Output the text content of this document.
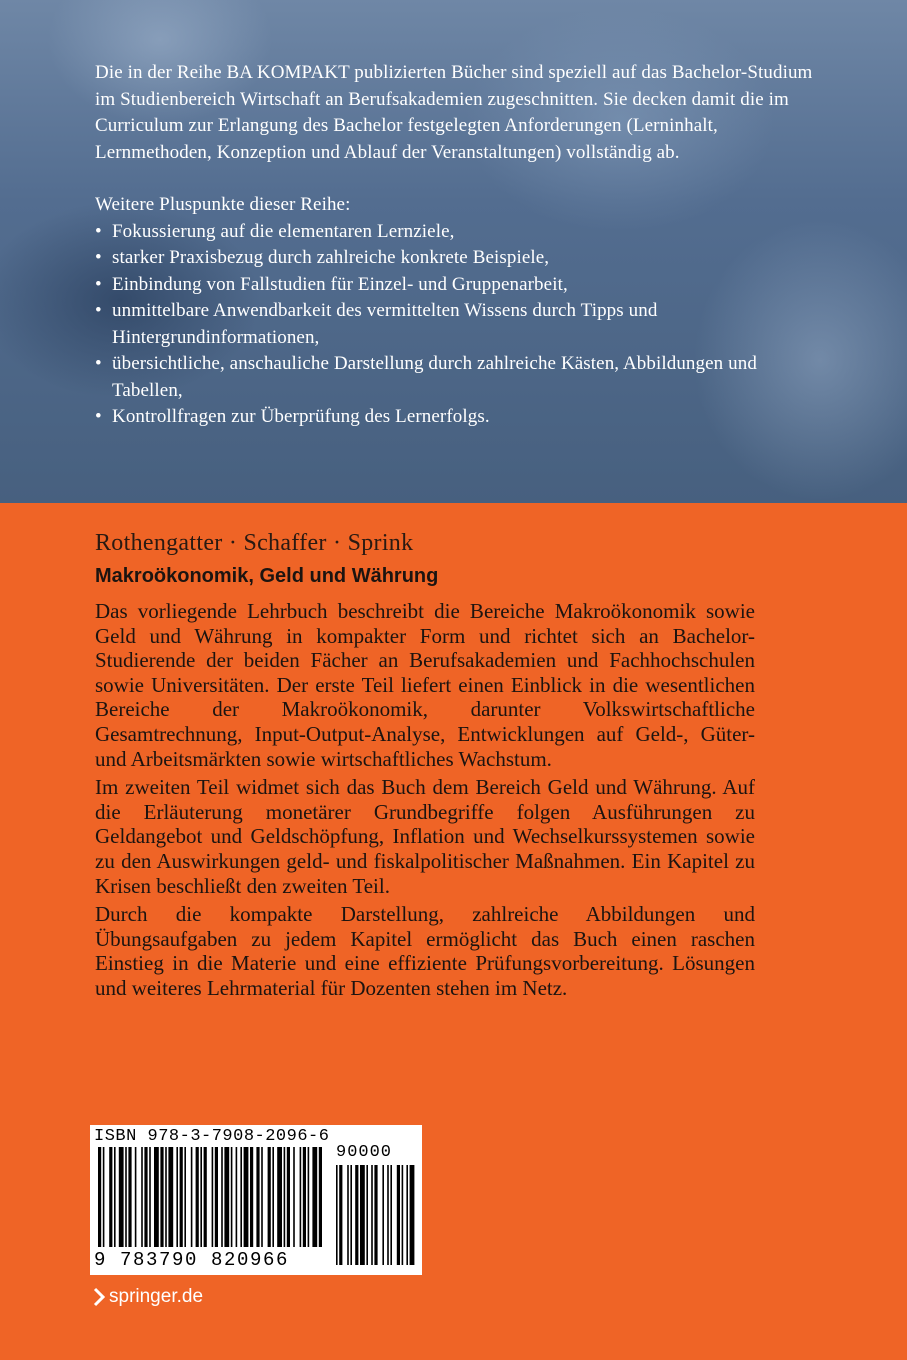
Die in der Reihe BA KOMPAKT publizierten Bücher sind speziell auf das Bachelor-Studium im Studienbereich Wirtschaft an Berufsakademien zugeschnitten. Sie decken damit die im Curriculum zur Erlangung des Bachelor festgelegten Anforderungen (Lerninhalt, Lernmethoden, Konzeption und Ablauf der Veranstaltungen) vollständig ab.

Weitere Pluspunkte dieser Reihe:

• Fokussierung auf die elementaren Lernziele,
• starker Praxisbezug durch zahlreiche konkrete Beispiele,
• Einbindung von Fallstudien für Einzel- und Gruppenarbeit,
• unmittelbare Anwendbarkeit des vermittelten Wissens durch Tipps und Hintergrundinformationen,
• übersichtliche, anschauliche Darstellung durch zahlreiche Kästen, Abbildungen und Tabellen,
• Kontrollfragen zur Überprüfung des Lernerfolgs.
Rothengatter · Schaffer · Sprink
Makroökonomik, Geld und Währung

Das vorliegende Lehrbuch beschreibt die Bereiche Makroökonomik sowie Geld und Währung in kompakter Form und richtet sich an Bachelor-Studierende der beiden Fächer an Berufsakademien und Fachhochschulen sowie Universitäten. Der erste Teil liefert einen Einblick in die wesentlichen Bereiche der Makroökonomik, darunter Volkswirtschaftliche Gesamtrechnung, Input-Output-Analyse, Entwicklungen auf Geld-, Güter- und Arbeitsmärkten sowie wirtschaftliches Wachstum.

Im zweiten Teil widmet sich das Buch dem Bereich Geld und Währung. Auf die Erläuterung monetärer Grundbegriffe folgen Ausführungen zu Geldangebot und Geldschöpfung, Inflation und Wechselkurssystemen sowie zu den Auswirkungen geld- und fiskalpolitischer Maßnahmen. Ein Kapitel zu Krisen beschließt den zweiten Teil.

Durch die kompakte Darstellung, zahlreiche Abbildungen und Übungsaufgaben zu jedem Kapitel ermöglicht das Buch einen raschen Einstieg in die Materie und eine effiziente Prüfungsvorbereitung. Lösungen und weiteres Lehrmaterial für Dozenten stehen im Netz.

ISBN 978-3-7908-2096-6
90000
9 783790 820966
springer.de
